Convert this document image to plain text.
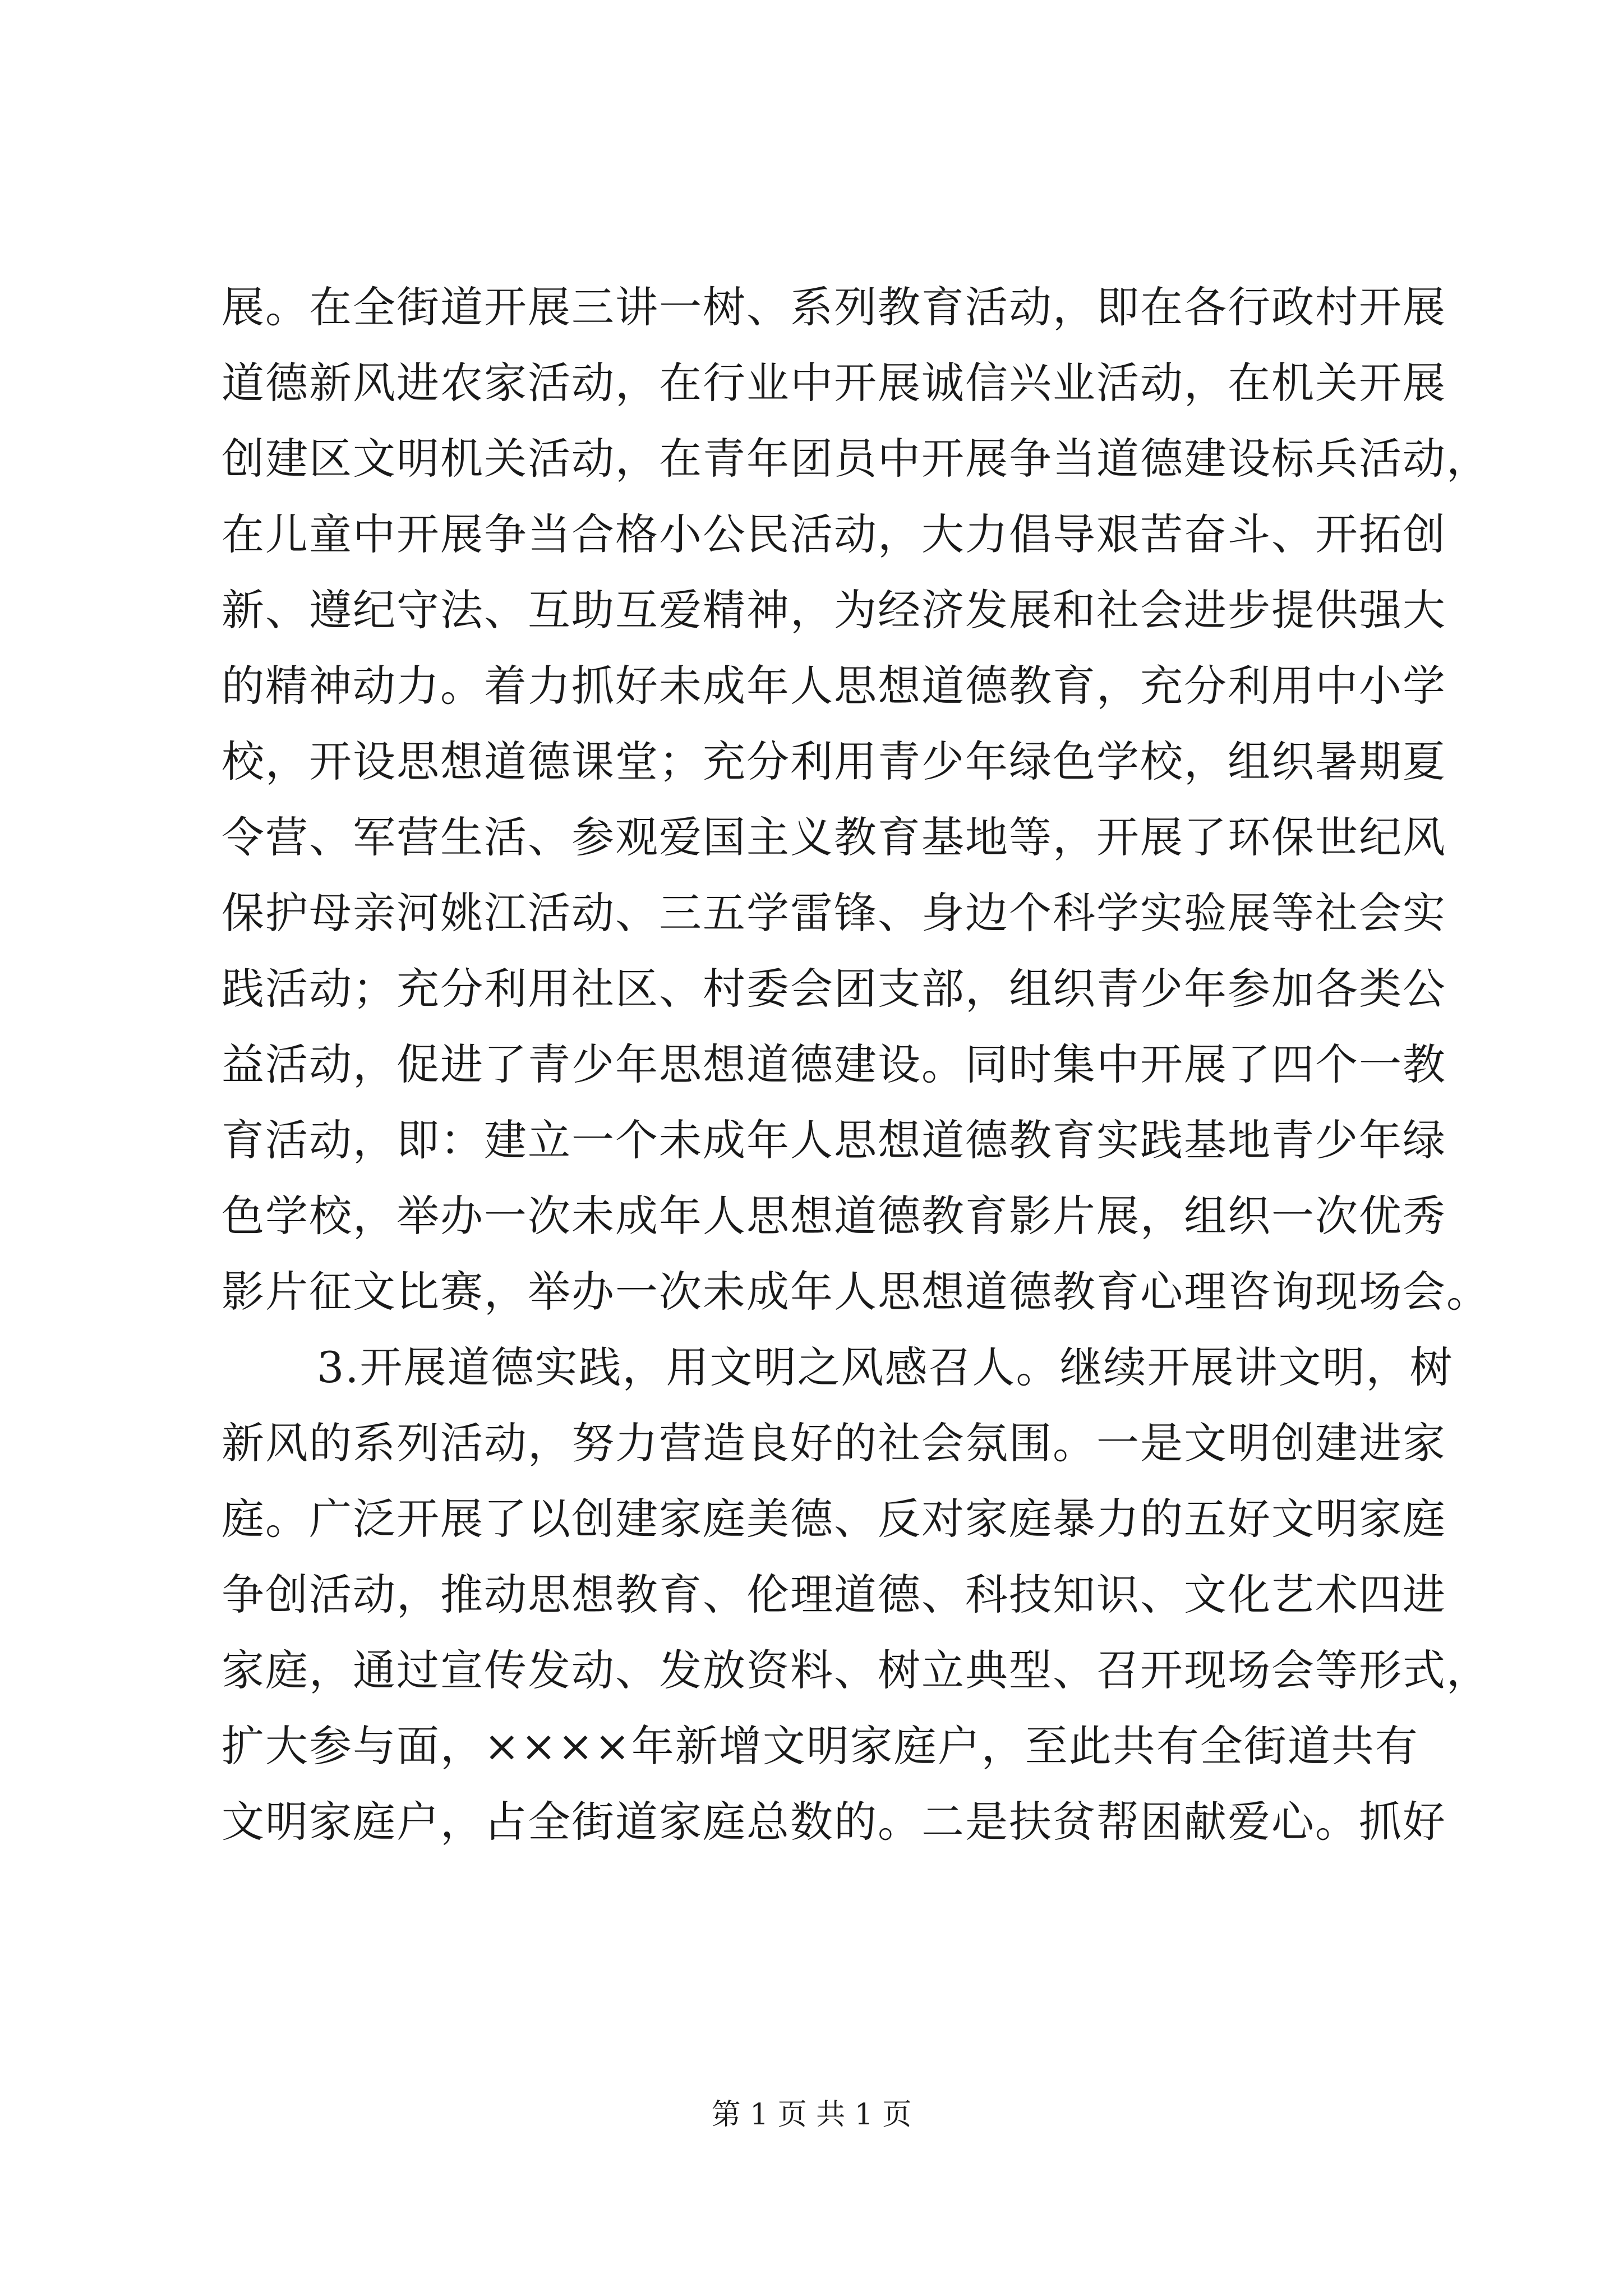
展。在全街道开展三讲一树、系列教育活动，即在各行政村开展
道德新风进农家活动，在行业中开展诚信兴业活动，在机关开展
创建区文明机关活动，在青年团员中开展争当道德建设标兵活动，
在儿童中开展争当合格小公民活动，大力倡导艰苦奋斗、开拓创
新、遵纪守法、互助互爱精神，为经济发展和社会进步提供强大
的精神动力。着力抓好未成年人思想道德教育，充分利用中小学
校，开设思想道德课堂；充分利用青少年绿色学校，组织暑期夏
令营、军营生活、参观爱国主义教育基地等，开展了环保世纪风
保护母亲河姚江活动、三五学雷锋、身边个科学实验展等社会实
践活动；充分利用社区、村委会团支部，组织青少年参加各类公
益活动，促进了青少年思想道德建设。同时集中开展了四个一教
育活动，即：建立一个未成年人思想道德教育实践基地青少年绿
色学校，举办一次未成年人思想道德教育影片展，组织一次优秀
影片征文比赛，举办一次未成年人思想道德教育心理咨询现场会。
3.开展道德实践，用文明之风感召人。继续开展讲文明，树
新风的系列活动，努力营造良好的社会氛围。一是文明创建进家
庭。广泛开展了以创建家庭美德、反对家庭暴力的五好文明家庭
争创活动，推动思想教育、伦理道德、科技知识、文化艺术四进
家庭，通过宣传发动、发放资料、树立典型、召开现场会等形式，
扩大参与面，××××年新增文明家庭户，至此共有全街道共有
文明家庭户，占全街道家庭总数的。二是扶贫帮困献爱心。抓好
第 1 页 共 1 页
